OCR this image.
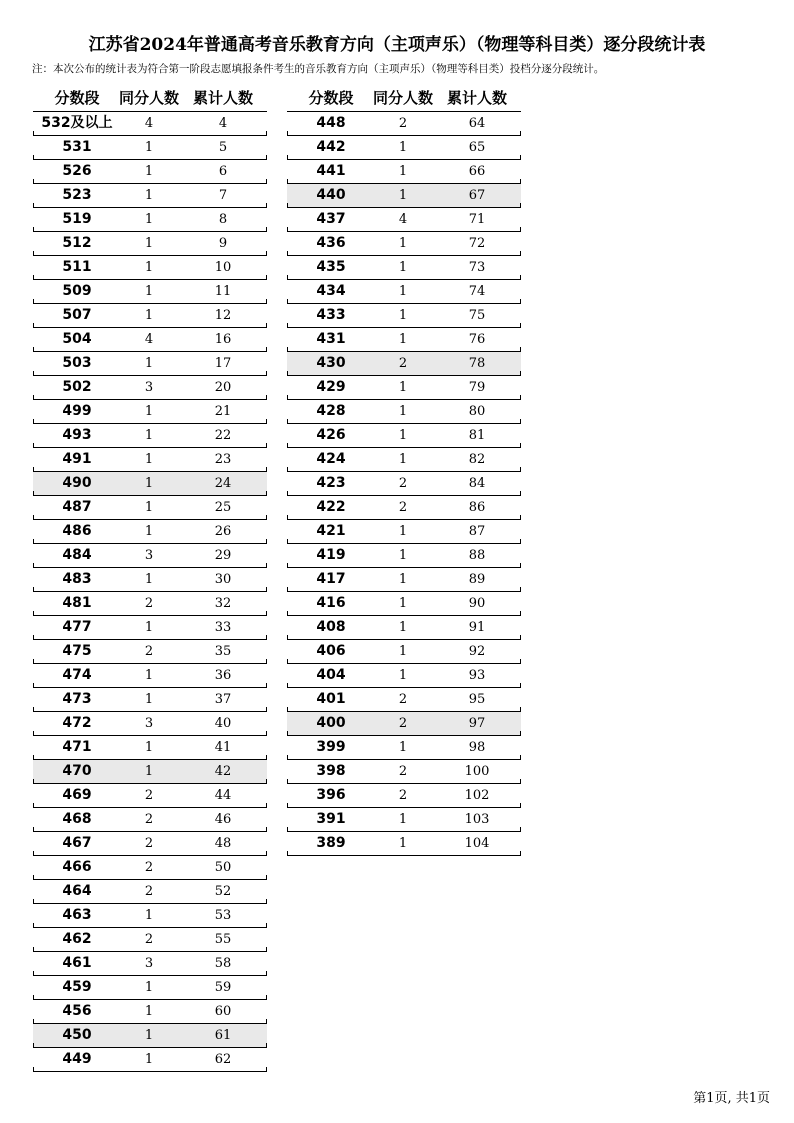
江苏省2024年普通高考音乐教育方向（主项声乐）（物理等科目类）逐分段统计表
注：本次公布的统计表为符合第一阶段志愿填报条件考生的音乐教育方向（主项声乐）（物理等科目类）投档分逐分段统计。
分数段	同分人数 累计人数
532及以上	4	4
531	1	5
526	1	6
523	1	7
519	1	8
512	1	9
511	1	10
509	1	11
507	1	12
504	4	16
503	1	17
502	3	20
499	1	21
493	1	22
491	1	23
490	1	24
487	1	25
486	1	26
484	3	29
483	1	30
481	2	32
477	1	33
475	2	35
474	1	36
473	1	37
472	3	40
471	1	41
470	1	42
469	2	44
468	2	46
467	2	48
466	2	50
464	2	52
463	1	53
462	2	55
461	3	58
459	1	59
456	1	60
450	1	61
449	1	62
分数段	同分人数 累计人数
448	2	64
442	1	65
441	1	66
440	1	67
437	4	71
436	1	72
435	1	73
434	1	74
433	1	75
431	1	76
430	2	78
429	1	79
428	1	80
426	1	81
424	1	82
423	2	84
422	2	86
421	1	87
419	1	88
417	1	89
416	1	90
408	1	91
406	1	92
404	1	93
401	2	95
400	2	97
399	1	98
398	2	100
396	2	102
391	1	103
389	1	104
第1页, 共1页
